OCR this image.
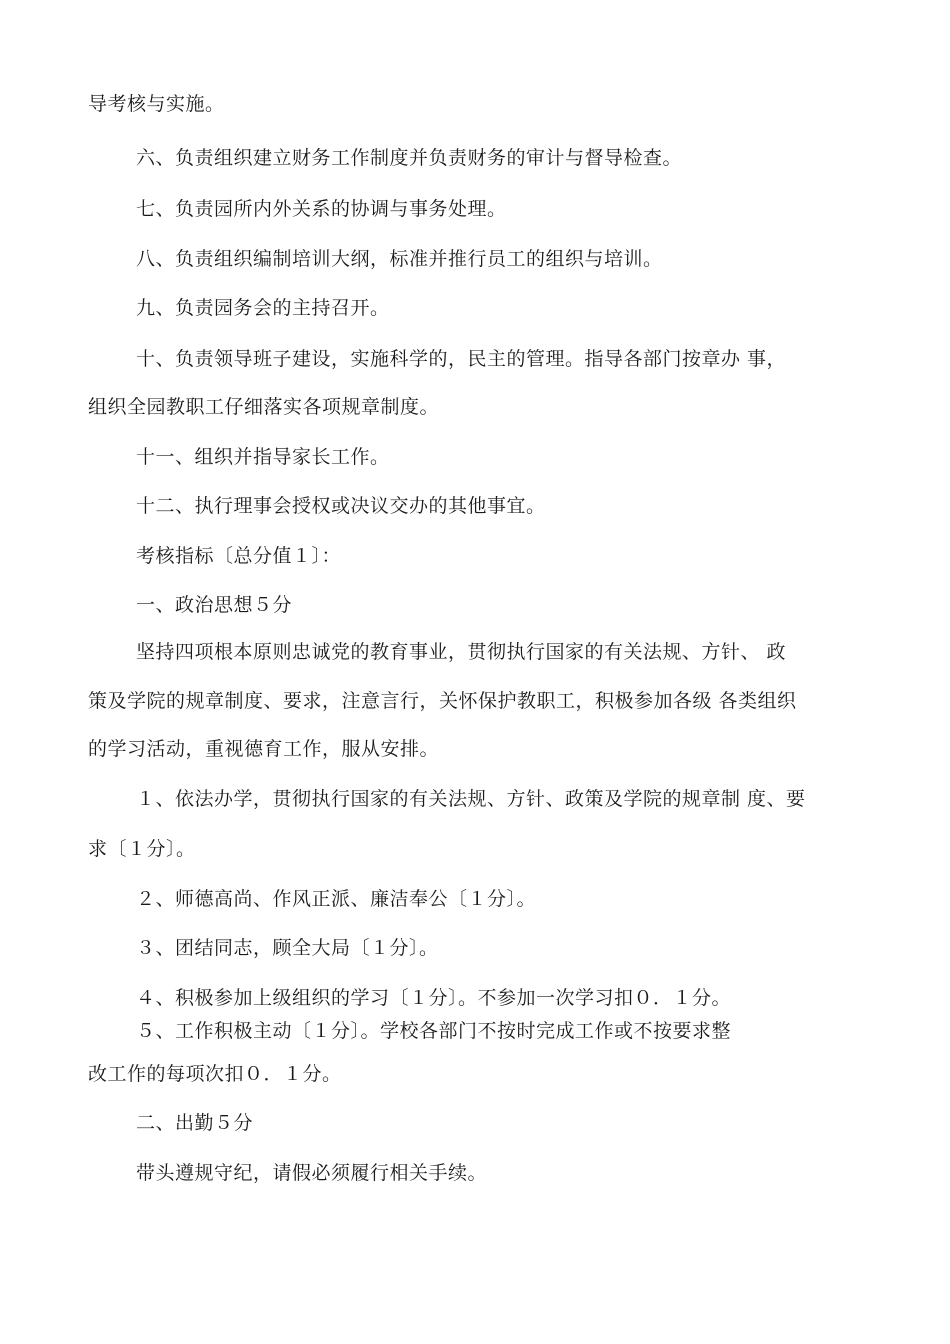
导考核与实施。
六、负责组织建立财务工作制度并负责财务的审计与督导检查。
七、负责园所内外关系的协调与事务处理。
八、负责组织编制培训大纲，标准并推行员工的组织与培训。
九、负责园务会的主持召开。
十、负责领导班子建设，实施科学的，民主的管理。指导各部门按章办 事，
组织全园教职工仔细落实各项规章制度。
十一、组织并指导家长工作。
十二、执行理事会授权或决议交办的其他事宜。
考核指标〔总分值１〕：
一、政治思想５分
坚持四项根本原则忠诚党的教育事业，贯彻执行国家的有关法规、方针、 政
策及学院的规章制度、要求，注意言行，关怀保护教职工，积极参加各级 各类组织
的学习活动，重视德育工作，服从安排。
１、依法办学，贯彻执行国家的有关法规、方针、政策及学院的规章制 度、要
求〔１分〕。
２、师德高尚、作风正派、廉洁奉公〔１分〕。
３、团结同志，顾全大局〔１分〕。
４、积极参加上级组织的学习〔１分〕。不参加一次学习扣０．１分。
５、工作积极主动〔１分〕。学校各部门不按时完成工作或不按要求整
改工作的每项次扣０．１分。
二、出勤５分
带头遵规守纪，请假必须履行相关手续。
